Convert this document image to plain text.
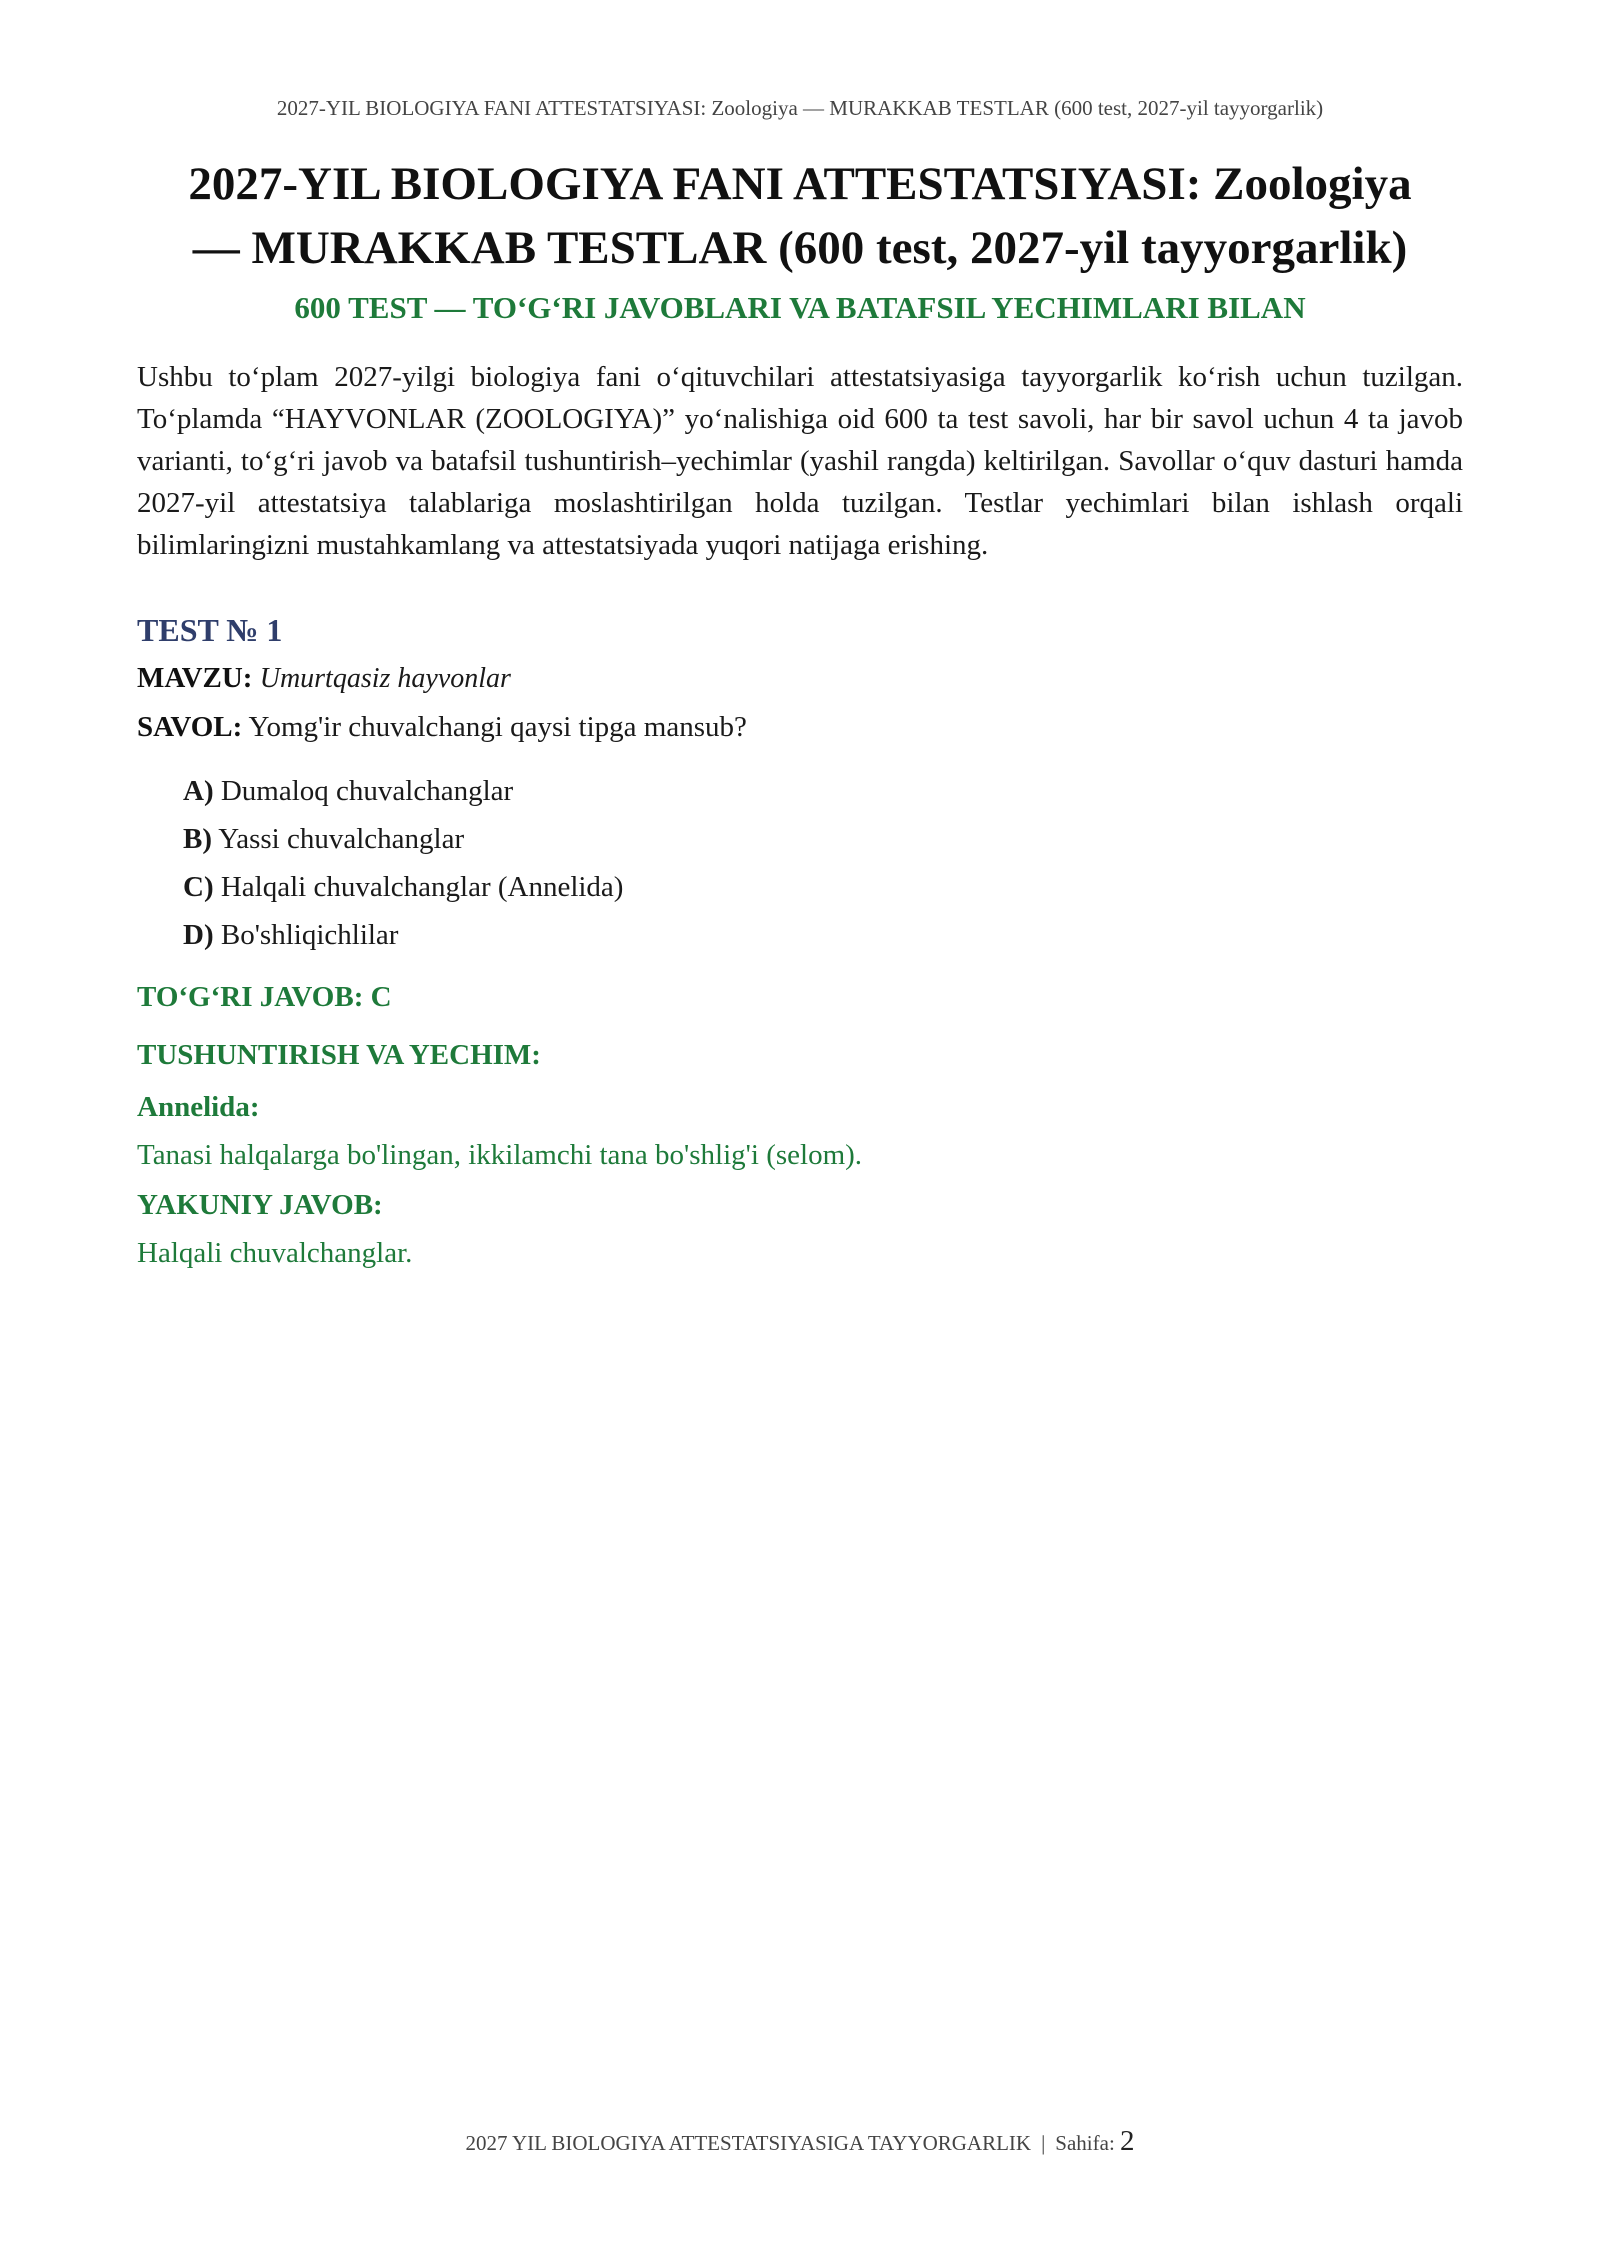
2027-YIL BIOLOGIYA FANI ATTESTATSIYASI: Zoologiya — MURAKKAB TESTLAR (600 test, 2027-yil tayyorgarlik)
2027-YIL BIOLOGIYA FANI ATTESTATSIYASI: Zoologiya
— MURAKKAB TESTLAR (600 test, 2027-yil tayyorgarlik)
600 TEST — TO‘G‘RI JAVOBLARI VA BATAFSIL YECHIMLARI BILAN
Ushbu to‘plam 2027-yilgi biologiya fani o‘qituvchilari attestatsiyasiga tayyorgarlik ko‘rish uchun tuzilgan. To‘plamda “HAYVONLAR (ZOOLOGIYA)” yo‘nalishiga oid 600 ta test savoli, har bir savol uchun 4 ta javob varianti, to‘g‘ri javob va batafsil tushuntirish–yechimlar (yashil rangda) keltirilgan. Savollar o‘quv dasturi hamda 2027-yil attestatsiya talablariga moslashtirilgan holda tuzilgan. Testlar yechimlari bilan ishlash orqali bilimlaringizni mustahkamlang va attestatsiyada yuqori natijaga erishing.
TEST № 1
MAVZU: Umurtqasiz hayvonlar
SAVOL: Yomg'ir chuvalchangi qaysi tipga mansub?
A) Dumaloq chuvalchanglar
B) Yassi chuvalchanglar
C) Halqali chuvalchanglar (Annelida)
D) Bo'shliqichlilar
TO‘G‘RI JAVOB: C
TUSHUNTIRISH VA YECHIM:
Annelida:
Tanasi halqalarga bo'lingan, ikkilamchi tana bo'shlig'i (selom).
YAKUNIY JAVOB:
Halqali chuvalchanglar.
2027 YIL BIOLOGIYA ATTESTATSIYASIGA TAYYORGARLIK | Sahifa: 2
